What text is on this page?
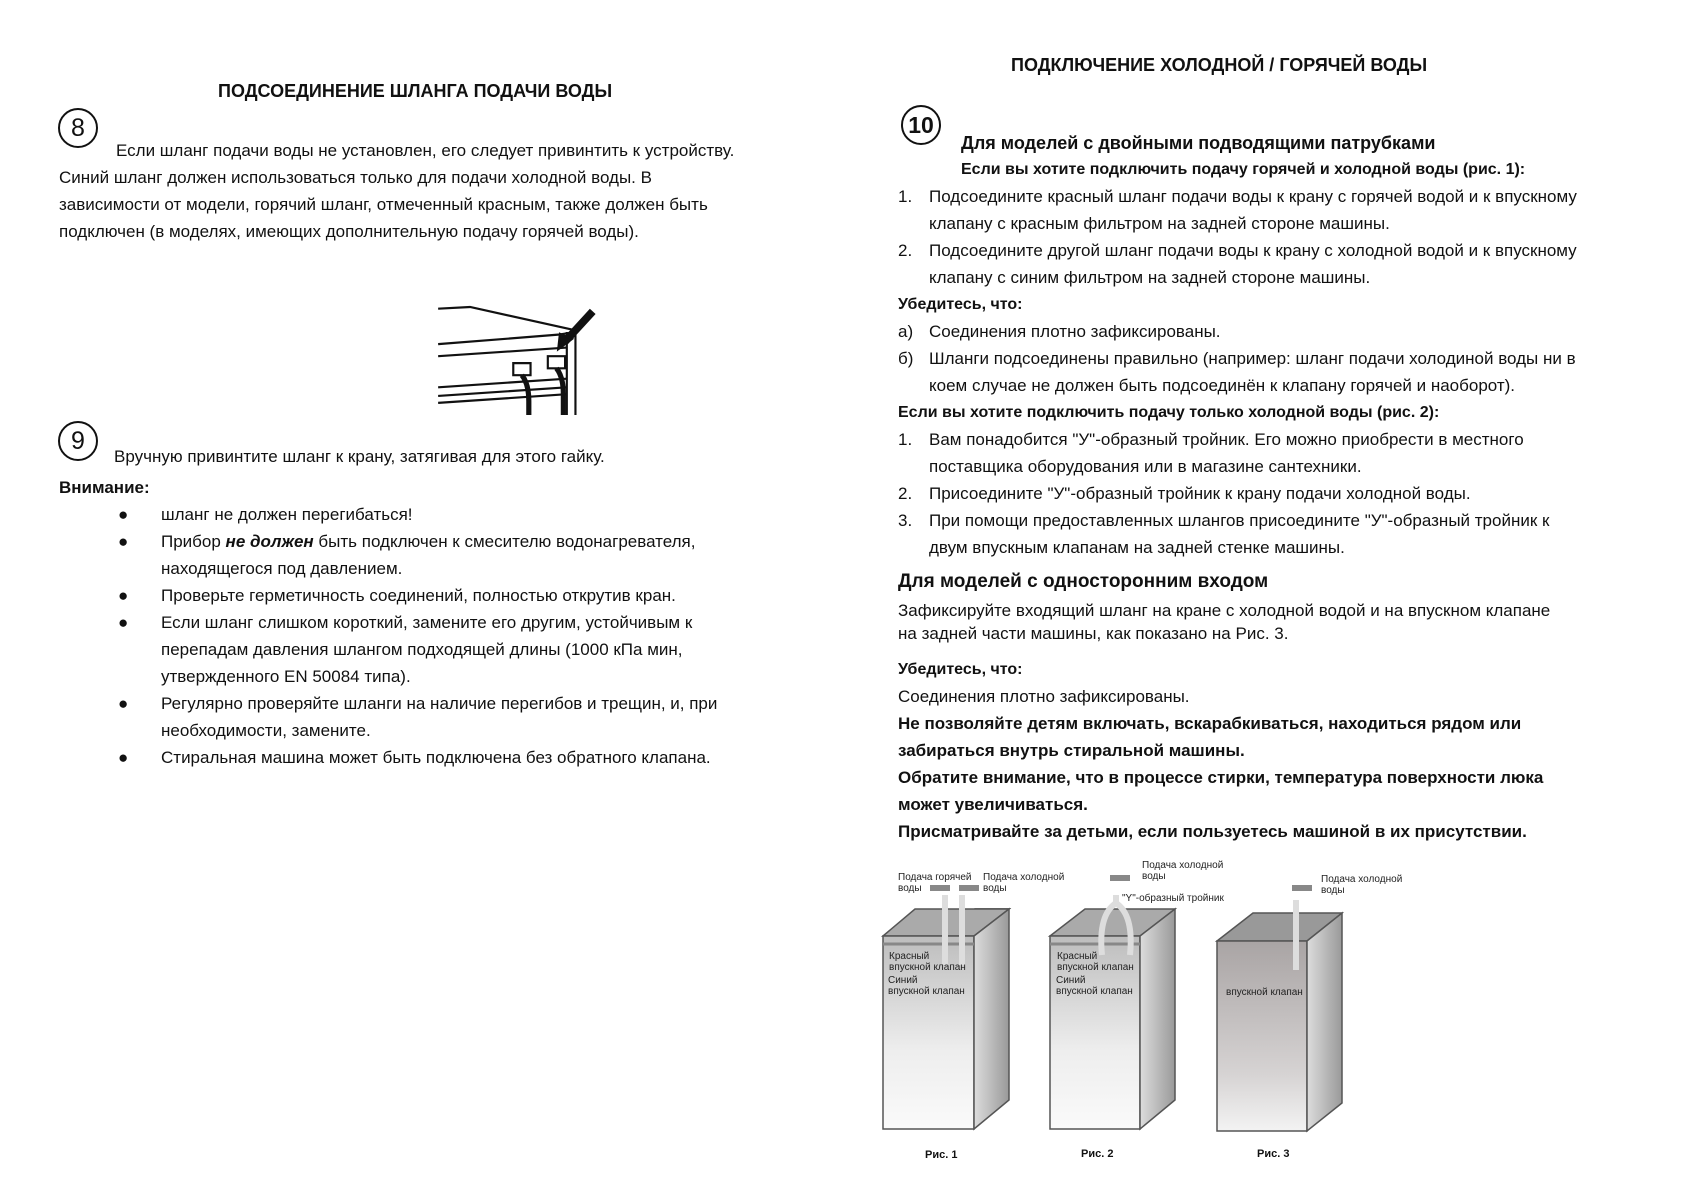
ПОДСОЕДИНЕНИЕ ШЛАНГА ПОДАЧИ ВОДЫ
8
Если шланг подачи воды не установлен, его следует привинтить к устройству.
Синий шланг должен использоваться только для подачи холодной воды. В
зависимости от модели, горячий шланг, отмеченный красным, также должен быть
подключен (в моделях, имеющих дополнительную подачу горячей воды).
9
Вручную привинтите шланг к крану, затягивая для этого гайку.
Внимание:
● шланг не должен перегибаться!
● Прибор не должен быть подключен к смесителю водонагревателя,
находящегося под давлением.
● Проверьте герметичность соединений, полностью открутив кран.
● Если шланг слишком короткий, замените его другим, устойчивым к
перепадам давления шлангом подходящей длины (1000 кПа мин,
утвержденного EN 50084 типа).
● Регулярно проверяйте шланги на наличие перегибов и трещин, и, при
необходимости, замените.
● Стиральная машина может быть подключена без обратного клапана.
ПОДКЛЮЧЕНИЕ ХОЛОДНОЙ / ГОРЯЧЕЙ ВОДЫ
10
Для моделей с двойными подводящими патрубками
Если вы хотите подключить подачу горячей и холодной воды (рис. 1):
1. Подсоедините красный шланг подачи воды к крану с горячей водой и к впускному
клапану с красным фильтром на задней стороне машины.
2. Подсоедините другой шланг подачи воды к крану с холодной водой и к впускному
клапану с синим фильтром на задней стороне машины.
Убедитесь, что:
а) Соединения плотно зафиксированы.
б) Шланги подсоединены правильно (например: шланг подачи холодиной воды ни в
коем случае не должен быть подсоединён к клапану горячей и наоборот).
Если вы хотите подключить подачу только холодной воды (рис. 2):
1. Вам понадобится "У"-образный тройник. Его можно приобрести в местного
поставщика оборудования или в магазине сантехники.
2. Присоедините "У"-образный тройник к крану подачи холодной воды.
3. При помощи предоставленных шлангов присоедините "У"-образный тройник к
двум впускным клапанам на задней стенке машины.
Для моделей с односторонним входом
Зафиксируйте входящий шланг на кране с холодной водой и на впускном клапане
на задней части машины, как показано на Рис. 3.
Убедитесь, что:
Соединения плотно зафиксированы.
Не позволяйте детям включать, вскарабкиваться, находиться рядом или
забираться внутрь стиральной машины.
Обратите внимание, что в процессе стирки, температура поверхности люка
может увеличиваться.
Присматривайте за детьми, если пользуетесь машиной в их присутствии.
Подача горячей
воды
Подача холодной
воды
Красный
впускной клапан
Синий
впускной клапан
Подача холодной
воды
"Y"-образный тройник
Красный
впускной клапан
Синий
впускной клапан
Подача холодной
воды
впускной клапан
Рис. 1	Рис. 2	Рис. 3
